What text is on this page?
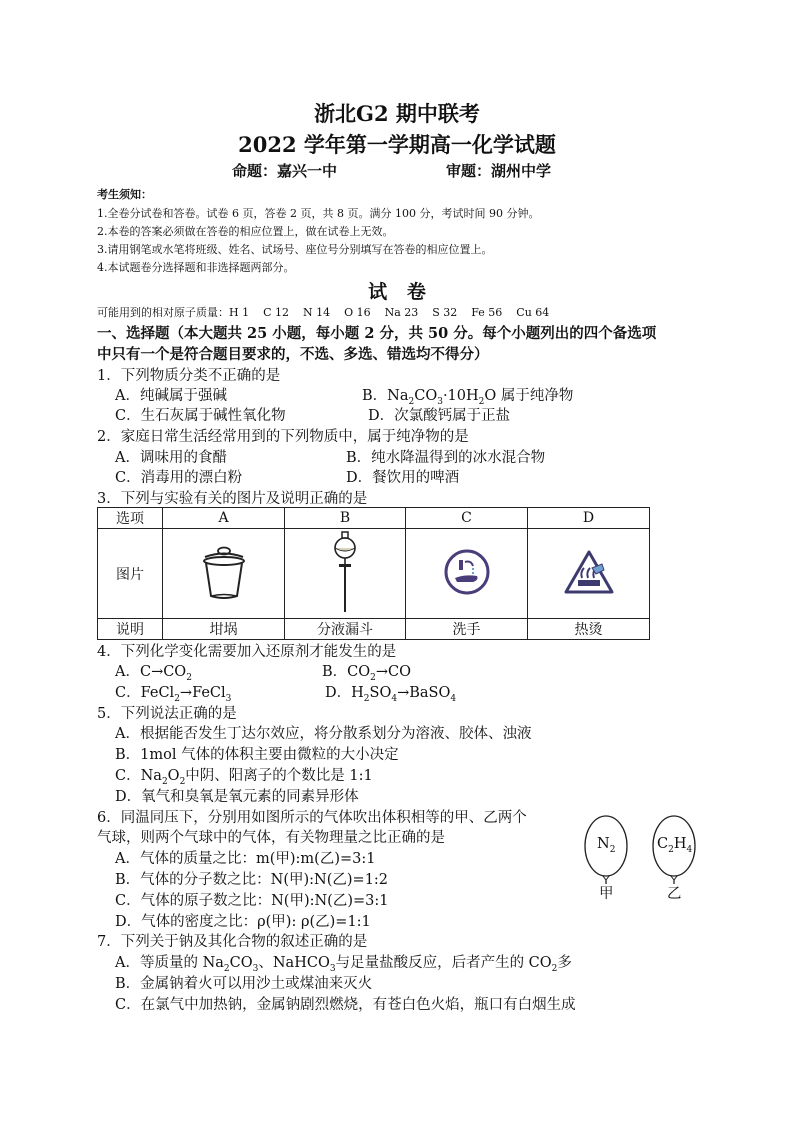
浙北G2 期中联考
2022 学年第一学期高一化学试题
命题：嘉兴一中	审题：湖州中学
考生须知：
1.全卷分试卷和答卷。试卷 6 页，答卷 2 页，共 8 页。满分 100 分，考试时间 90 分钟。
2.本卷的答案必须做在答卷的相应位置上，做在试卷上无效。
3.请用钢笔或水笔将班级、姓名、试场号、座位号分别填写在答卷的相应位置上。
4.本试题卷分选择题和非选择题两部分。
试   卷
可能用到的相对原子质量：H 1    C 12    N 14    O 16    Na 23    S 32    Fe 56    Cu 64
一、选择题（本大题共 25 小题，每小题 2 分，共 50 分。每个小题列出的四个备选项
中只有一个是符合题目要求的，不选、多选、错选均不得分）
1．下列物质分类不正确的是
A．纯碱属于强碱	B．$Na_2CO_3\cdot 10H_2O$ 属于纯净物
C．生石灰属于碱性氧化物	D．次氯酸钙属于正盐
2．家庭日常生活经常用到的下列物质中，属于纯净物的是
A．调味用的食醋	B．纯水降温得到的冰水混合物
C．消毒用的漂白粉	D．餐饮用的啤酒
3．下列与实验有关的图片及说明正确的是
选项	A	B	C	D
图片				
说明	坩埚	分液漏斗	洗手	热烫
4．下列化学变化需要加入还原剂才能发生的是
A．$C\to CO_2$	B．$CO_2\to CO$
C．FeCl$_2$→FeCl$_3$	D．$H_2SO_4\to BaSO_4$
5．下列说法正确的是
A．根据能否发生丁达尔效应，将分散系划分为溶液、胶体、浊液
B．1mol 气体的体积主要由微粒的大小决定
C．$Na_2O_2$中阴、阳离子的个数比是 1:1
D．氧气和臭氧是氧元素的同素异形体
6．同温同压下，分别用如图所示的气体吹出体积相等的甲、乙两个
气球，则两个气球中的气体，有关物理量之比正确的是
A．气体的质量之比：m(甲):m(乙)=3:1
B．气体的分子数之比：N(甲):N(乙)=1:2
C．气体的原子数之比：N(甲):N(乙)=3:1
D．气体的密度之比：ρ(甲): ρ(乙)=1:1
$N_2$	$C_2H_4$
甲	乙
7．下列关于钠及其化合物的叙述正确的是
A．等质量的 $Na_2CO_3$、NaHCO$_3$与足量盐酸反应，后者产生的 $CO_2$多
B．金属钠着火可以用沙土或煤油来灭火
C．在氯气中加热钠，金属钠剧烈燃烧，有苍白色火焰，瓶口有白烟生成
